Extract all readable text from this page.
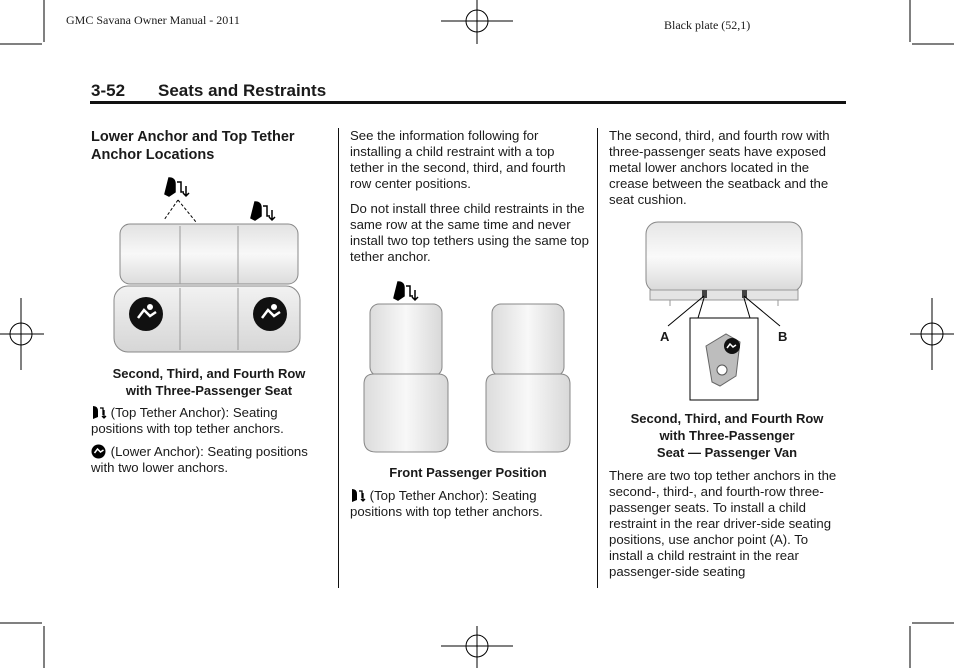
GMC Savana Owner Manual - 2011	Black plate (52,1)
3-52 Seats and Restraints
Lower Anchor and Top Tether Anchor Locations
Second, Third, and Fourth Row
with Three-Passenger Seat
(Top Tether Anchor): Seating positions with top tether anchors.
(Lower Anchor): Seating positions with two lower anchors.

See the information following for installing a child restraint with a top tether in the second, third, and fourth row center positions.

Do not install three child restraints in the same row at the same time and never install two top tethers using the same top tether anchor.

Front Passenger Position
(Top Tether Anchor): Seating positions with top tether anchors.

The second, third, and fourth row with three-passenger seats have exposed metal lower anchors located in the crease between the seatback and the seat cushion.

A	B
Second, Third, and Fourth Row
with Three-Passenger
Seat — Passenger Van

There are two top tether anchors in the second-, third-, and fourth-row three-passenger seats. To install a child restraint in the rear driver-side seating positions, use anchor point (A). To install a child restraint in the rear passenger-side seating
